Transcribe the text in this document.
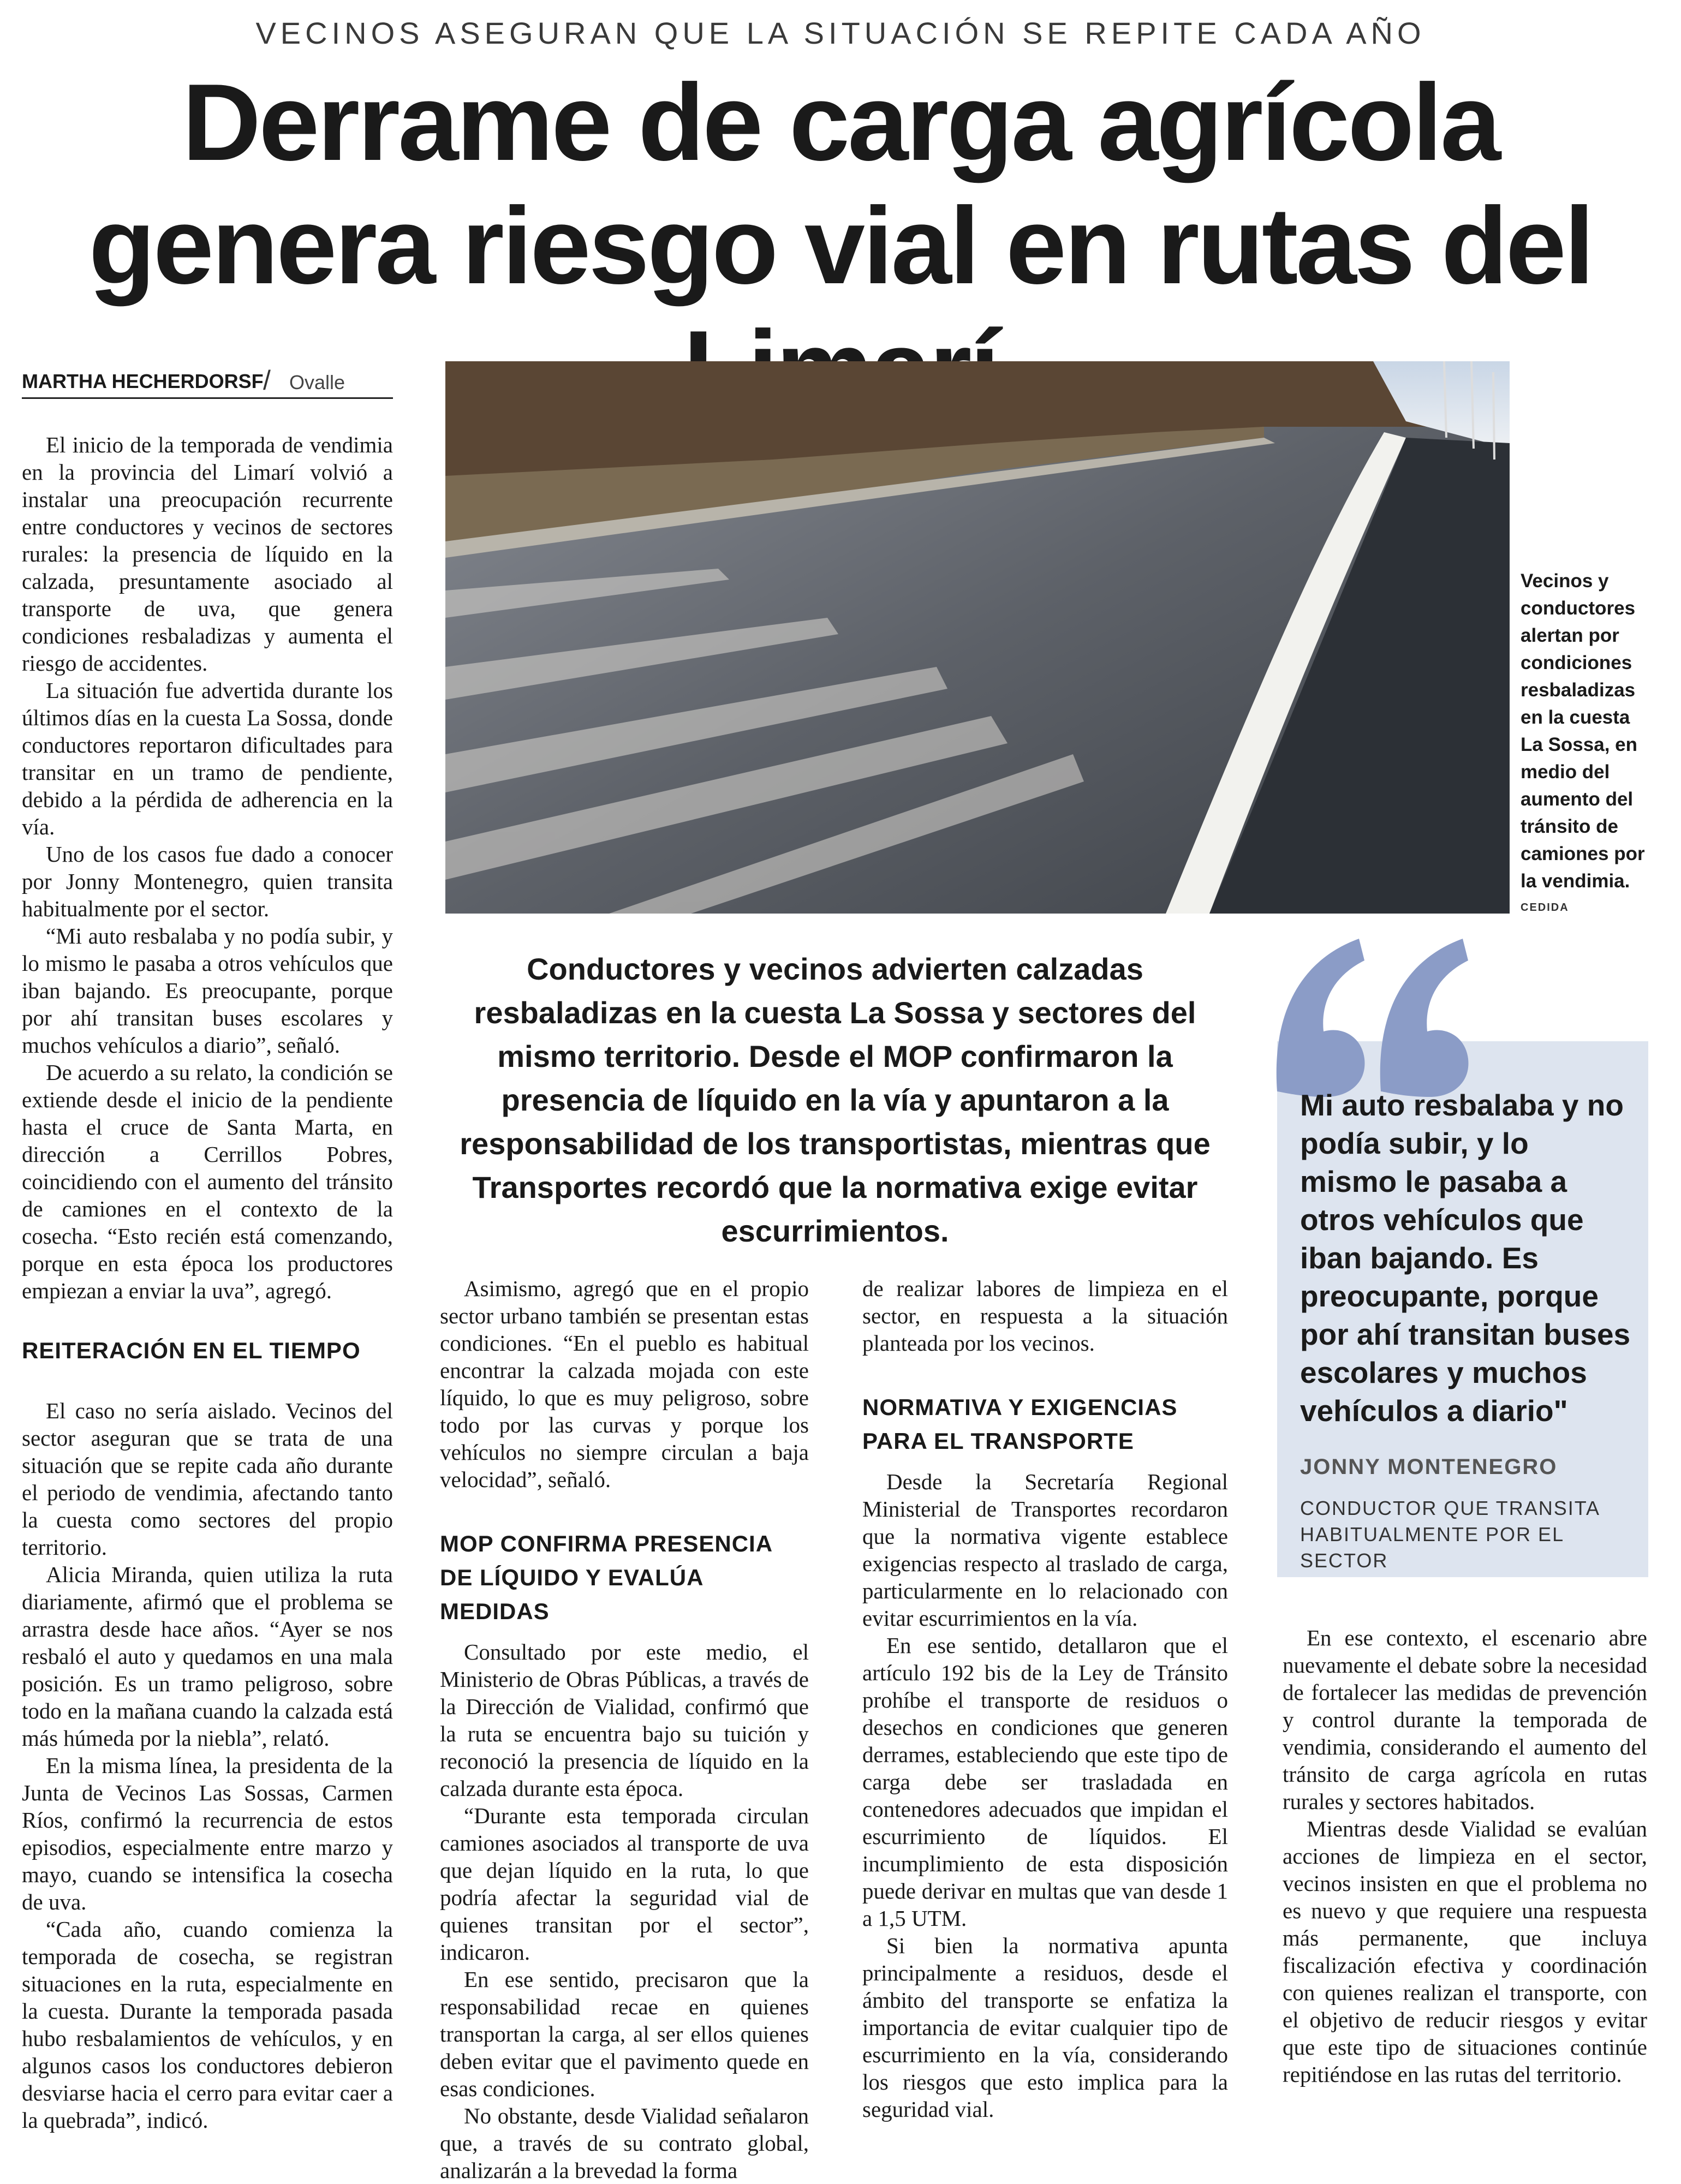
VECINOS ASEGURAN QUE LA SITUACIÓN SE REPITE CADA AÑO
Derrame de carga agrícola genera riesgo vial en rutas del
MARTHA HECHERDORSF / Ovalle

El inicio de la temporada de vendimia en la provincia del Limarí volvió a instalar una preocupación recurrente entre conductores y vecinos de sectores rurales: la presencia de líquido en la calzada, presuntamente asociado al transporte de uva, que genera condiciones resbaladizas y aumenta el riesgo de accidentes.

La situación fue advertida durante los últimos días en la cuesta La Sossa, donde conductores reportaron dificultades para transitar en un tramo de pendiente, debido a la pérdida de adherencia en la vía.

Uno de los casos fue dado a conocer por Jonny Montenegro, quien transita habitualmente por el sector.

“Mi auto resbalaba y no podía subir, y lo mismo le pasaba a otros vehículos que iban bajando. Es preocupante, porque por ahí transitan buses escolares y muchos vehículos a diario”, señaló.

De acuerdo a su relato, la condición se extiende desde el inicio de la pendiente hasta el cruce de Santa Marta, en dirección a Cerrillos Pobres, coincidiendo con el aumento del tránsito de camiones en el contexto de la cosecha. “Esto recién está comenzando, porque en esta época los productores empiezan a enviar la uva”, agregó.

REITERACIÓN EN EL TIEMPO

El caso no sería aislado. Vecinos del sector aseguran que se trata de una situación que se repite cada año durante el periodo de vendimia, afectando tanto la cuesta como sectores del propio territorio.

Alicia Miranda, quien utiliza la ruta diariamente, afirmó que el problema se arrastra desde hace años. “Ayer se nos resbaló el auto y quedamos en una mala posición. Es un tramo peligroso, sobre todo en la mañana cuando la calzada está más húmeda por la niebla”, relató.

En la misma línea, la presidenta de la Junta de Vecinos Las Sossas, Carmen Ríos, confirmó la recurrencia de estos episodios, especialmente entre marzo y mayo, cuando se intensifica la cosecha de uva.

“Cada año, cuando comienza la temporada de cosecha, se registran situaciones en la ruta, especialmente en la cuesta. Durante la temporada pasada hubo resbalamientos de vehículos, y en algunos casos los conductores debieron desviarse hacia el cerro para evitar caer a la quebrada”, indicó.

Vecinos y conductores alertan por condiciones resbaladizas en la cuesta La Sossa, en medio del aumento del tránsito de camiones por la vendimia.
CEDIDA

Conductores y vecinos advierten calzadas resbaladizas en la cuesta La Sossa y sectores del mismo territorio. Desde el MOP confirmaron la presencia de líquido en la vía y apuntaron a la responsabilidad de los transportistas, mientras que Transportes recordó que la normativa exige evitar escurrimientos.

Asimismo, agregó que en el propio sector urbano también se presentan estas condiciones. “En el pueblo es habitual encontrar la calzada mojada con este líquido, lo que es muy peligroso, sobre todo por las curvas y porque los vehículos no siempre circulan a baja velocidad”, señaló.

MOP CONFIRMA PRESENCIA DE LÍQUIDO Y EVALÚA MEDIDAS

Consultado por este medio, el Ministerio de Obras Públicas, a través de la Dirección de Vialidad, confirmó que la ruta se encuentra bajo su tuición y reconoció la presencia de líquido en la calzada durante esta época.

“Durante esta temporada circulan camiones asociados al transporte de uva que dejan líquido en la ruta, lo que podría afectar la seguridad vial de quienes transitan por el sector”, indicaron.

En ese sentido, precisaron que la responsabilidad recae en quienes transportan la carga, al ser ellos quienes deben evitar que el pavimento quede en esas condiciones.

No obstante, desde Vialidad señalaron que, a través de su contrato global, analizarán a la brevedad la forma

de realizar labores de limpieza en el sector, en respuesta a la situación planteada por los vecinos.

NORMATIVA Y EXIGENCIAS PARA EL TRANSPORTE

Desde la Secretaría Regional Ministerial de Transportes recordaron que la normativa vigente establece exigencias respecto al traslado de carga, particularmente en lo relacionado con evitar escurrimientos en la vía.

En ese sentido, detallaron que el artículo 192 bis de la Ley de Tránsito prohíbe el transporte de residuos o desechos en condiciones que generen derrames, estableciendo que este tipo de carga debe ser trasladada en contenedores adecuados que impidan el escurrimiento de líquidos. El incumplimiento de esta disposición puede derivar en multas que van desde 1 a 1,5 UTM.

Si bien la normativa apunta principalmente a residuos, desde el ámbito del transporte se enfatiza la importancia de evitar cualquier tipo de escurrimiento en la vía, considerando los riesgos que esto implica para la seguridad vial.

Mi auto resbalaba y no podía subir, y lo mismo le pasaba a otros vehículos que iban bajando. Es preocupante, porque por ahí transitan buses escolares y muchos vehículos a diario"

JONNY MONTENEGRO
CONDUCTOR QUE TRANSITA HABITUALMENTE POR EL SECTOR

En ese contexto, el escenario abre nuevamente el debate sobre la necesidad de fortalecer las medidas de prevención y control durante la temporada de vendimia, considerando el aumento del tránsito de carga agrícola en rutas rurales y sectores habitados.

Mientras desde Vialidad se evalúan acciones de limpieza en el sector, vecinos insisten en que el problema no es nuevo y que requiere una respuesta más permanente, que incluya fiscalización efectiva y coordinación con quienes realizan el transporte, con el objetivo de reducir riesgos y evitar que este tipo de situaciones continúe repitiéndose en las rutas del territorio.
